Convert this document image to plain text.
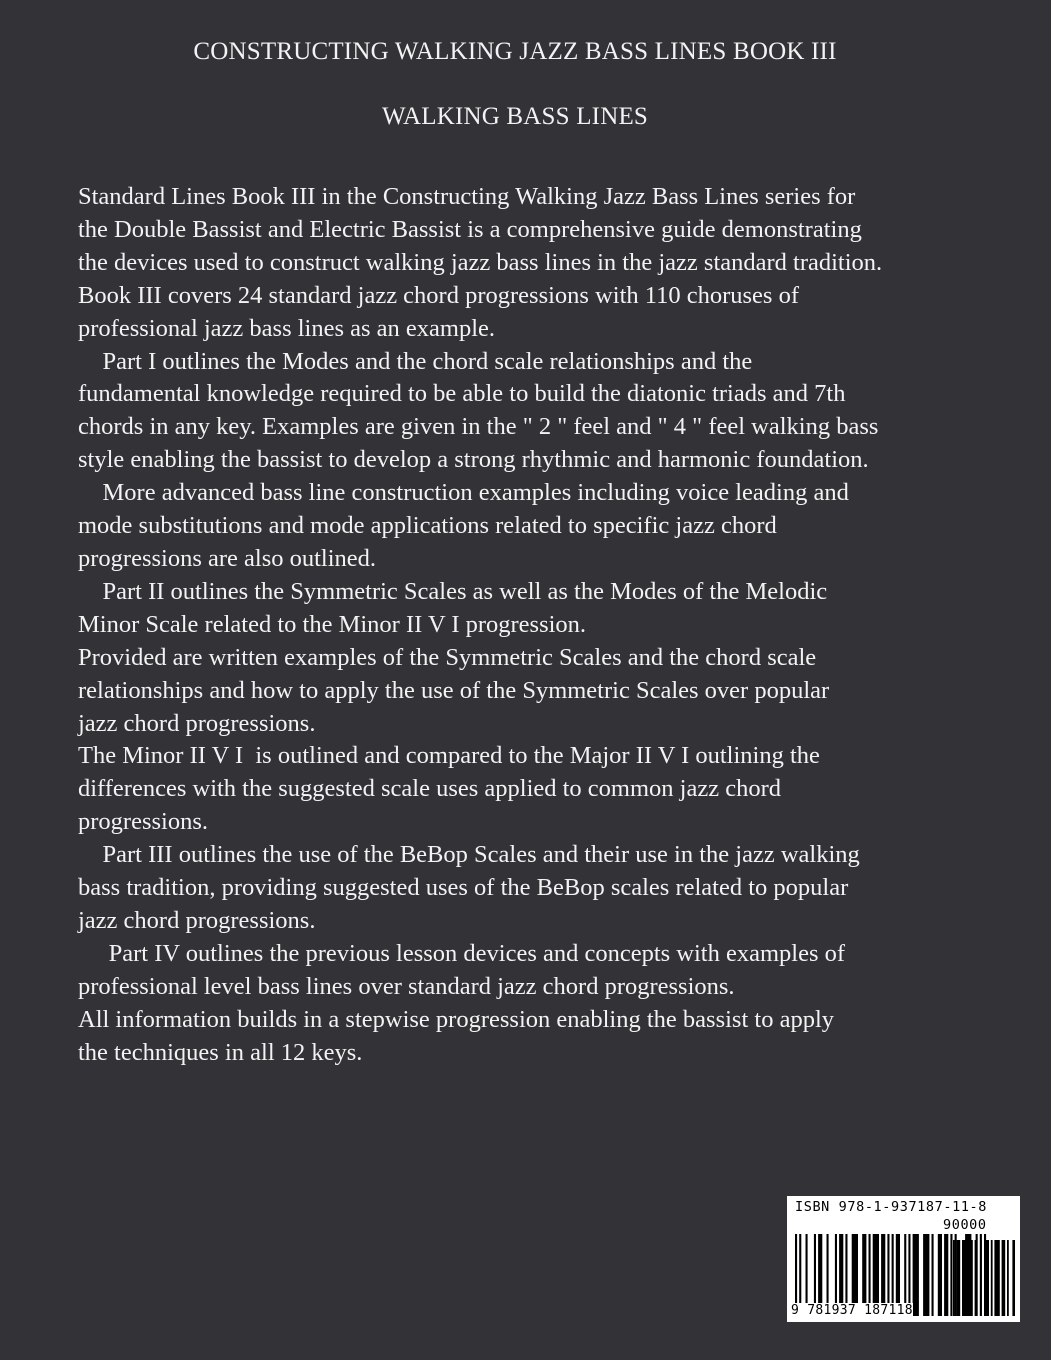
CONSTRUCTING WALKING JAZZ BASS LINES BOOK III
WALKING BASS LINES

Standard Lines Book III in the Constructing Walking Jazz Bass Lines series for
the Double Bassist and Electric Bassist is a comprehensive guide demonstrating
the devices used to construct walking jazz bass lines in the jazz standard tradition.
Book III covers 24 standard jazz chord progressions with 110 choruses of
professional jazz bass lines as an example.

Part I outlines the Modes and the chord scale relationships and the
fundamental knowledge required to be able to build the diatonic triads and 7th
chords in any key. Examples are given in the " 2 " feel and " 4 " feel walking bass
style enabling the bassist to develop a strong rhythmic and harmonic foundation.

More advanced bass line construction examples including voice leading and
mode substitutions and mode applications related to specific jazz chord
progressions are also outlined.

Part II outlines the Symmetric Scales as well as the Modes of the Melodic
Minor Scale related to the Minor II V I progression.

Provided are written examples of the Symmetric Scales and the chord scale
relationships and how to apply the use of the Symmetric Scales over popular
jazz chord progressions.

The Minor II V I  is outlined and compared to the Major II V I outlining the
differences with the suggested scale uses applied to common jazz chord
progressions.

Part III outlines the use of the BeBop Scales and their use in the jazz walking
bass tradition, providing suggested uses of the BeBop scales related to popular
jazz chord progressions.

Part IV outlines the previous lesson devices and concepts with examples of
professional level bass lines over standard jazz chord progressions.

All information builds in a stepwise progression enabling the bassist to apply
the techniques in all 12 keys.

ISBN 978-1-937187-11-8
90000
9 781937 187118
